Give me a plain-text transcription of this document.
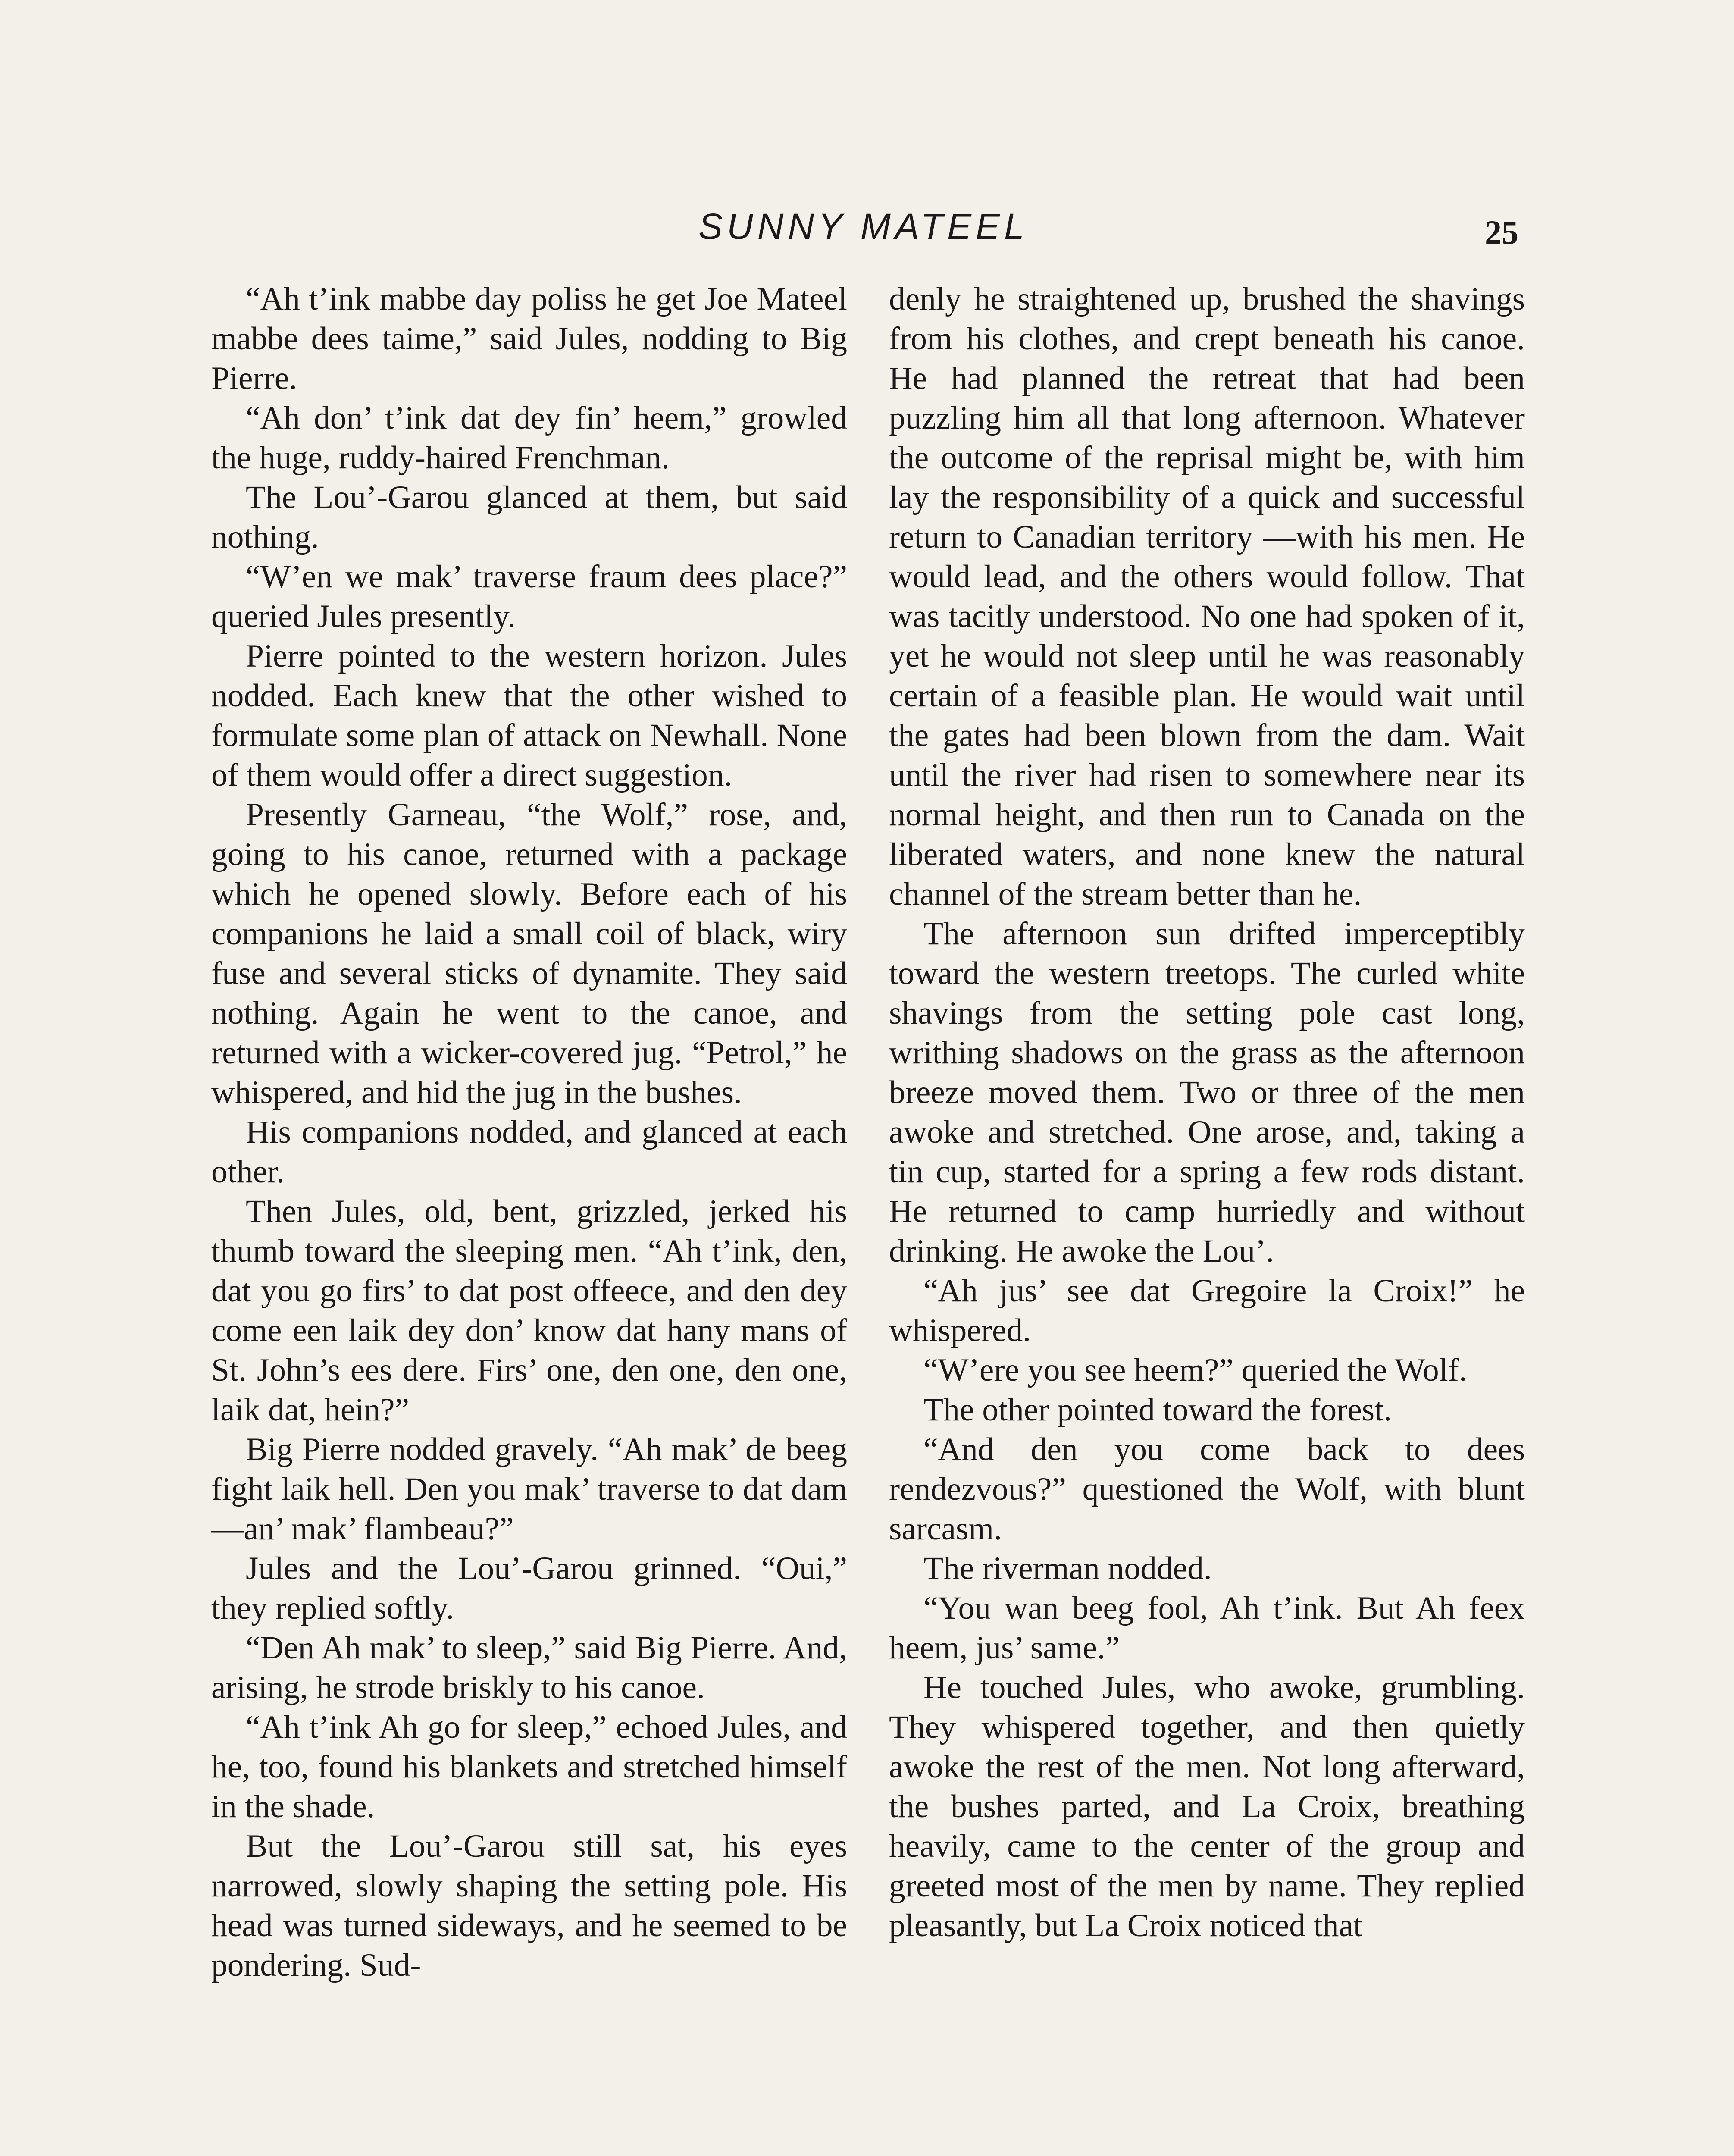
SUNNY MATEEL	25

“Ah t’ink mabbe day poliss he get Joe Mateel mabbe dees taime,” said Jules, nodding to Big Pierre.

“Ah don’ t’ink dat dey fin’ heem,” growled the huge, ruddy-haired Frenchman.

The Lou’-Garou glanced at them, but said nothing.

“W’en we mak’ traverse fraum dees place?” queried Jules presently.

Pierre pointed to the western horizon. Jules nodded. Each knew that the other wished to formulate some plan of attack on Newhall. None of them would offer a direct suggestion.

Presently Garneau, “the Wolf,” rose, and, going to his canoe, returned with a package which he opened slowly. Before each of his companions he laid a small coil of black, wiry fuse and several sticks of dynamite. They said nothing. Again he went to the canoe, and returned with a wicker-covered jug. “Petrol,” he whispered, and hid the jug in the bushes.

His companions nodded, and glanced at each other.

Then Jules, old, bent, grizzled, jerked his thumb toward the sleeping men. “Ah t’ink, den, dat you go firs’ to dat post offeece, and den dey come een laik dey don’ know dat hany mans of St. John’s ees dere. Firs’ one, den one, den one, laik dat, hein?”

Big Pierre nodded gravely. “Ah mak’ de beeg fight laik hell. Den you mak’ traverse to dat dam—an’ mak’ flambeau?”

Jules and the Lou’-Garou grinned. “Oui,” they replied softly.

“Den Ah mak’ to sleep,” said Big Pierre. And, arising, he strode briskly to his canoe.

“Ah t’ink Ah go for sleep,” echoed Jules, and he, too, found his blankets and stretched himself in the shade.

But the Lou’-Garou still sat, his eyes narrowed, slowly shaping the setting pole. His head was turned sideways, and he seemed to be pondering. Sud-

denly he straightened up, brushed the shavings from his clothes, and crept beneath his canoe. He had planned the retreat that had been puzzling him all that long afternoon. Whatever the outcome of the reprisal might be, with him lay the responsibility of a quick and successful return to Canadian territory —with his men. He would lead, and the others would follow. That was tacitly understood. No one had spoken of it, yet he would not sleep until he was reasonably certain of a feasible plan. He would wait until the gates had been blown from the dam. Wait until the river had risen to somewhere near its normal height, and then run to Canada on the liberated waters, and none knew the natural channel of the stream better than he.

The afternoon sun drifted imperceptibly toward the western treetops. The curled white shavings from the setting pole cast long, writhing shadows on the grass as the afternoon breeze moved them. Two or three of the men awoke and stretched. One arose, and, taking a tin cup, started for a spring a few rods distant. He returned to camp hurriedly and without drinking. He awoke the Lou’.

“Ah jus’ see dat Gregoire la Croix!” he whispered.

“W’ere you see heem?” queried the Wolf.

The other pointed toward the forest.

“And den you come back to dees rendezvous?” questioned the Wolf, with blunt sarcasm.

The riverman nodded.

“You wan beeg fool, Ah t’ink. But Ah feex heem, jus’ same.”

He touched Jules, who awoke, grumbling. They whispered together, and then quietly awoke the rest of the men. Not long afterward, the bushes parted, and La Croix, breathing heavily, came to the center of the group and greeted most of the men by name. They replied pleasantly, but La Croix noticed that
